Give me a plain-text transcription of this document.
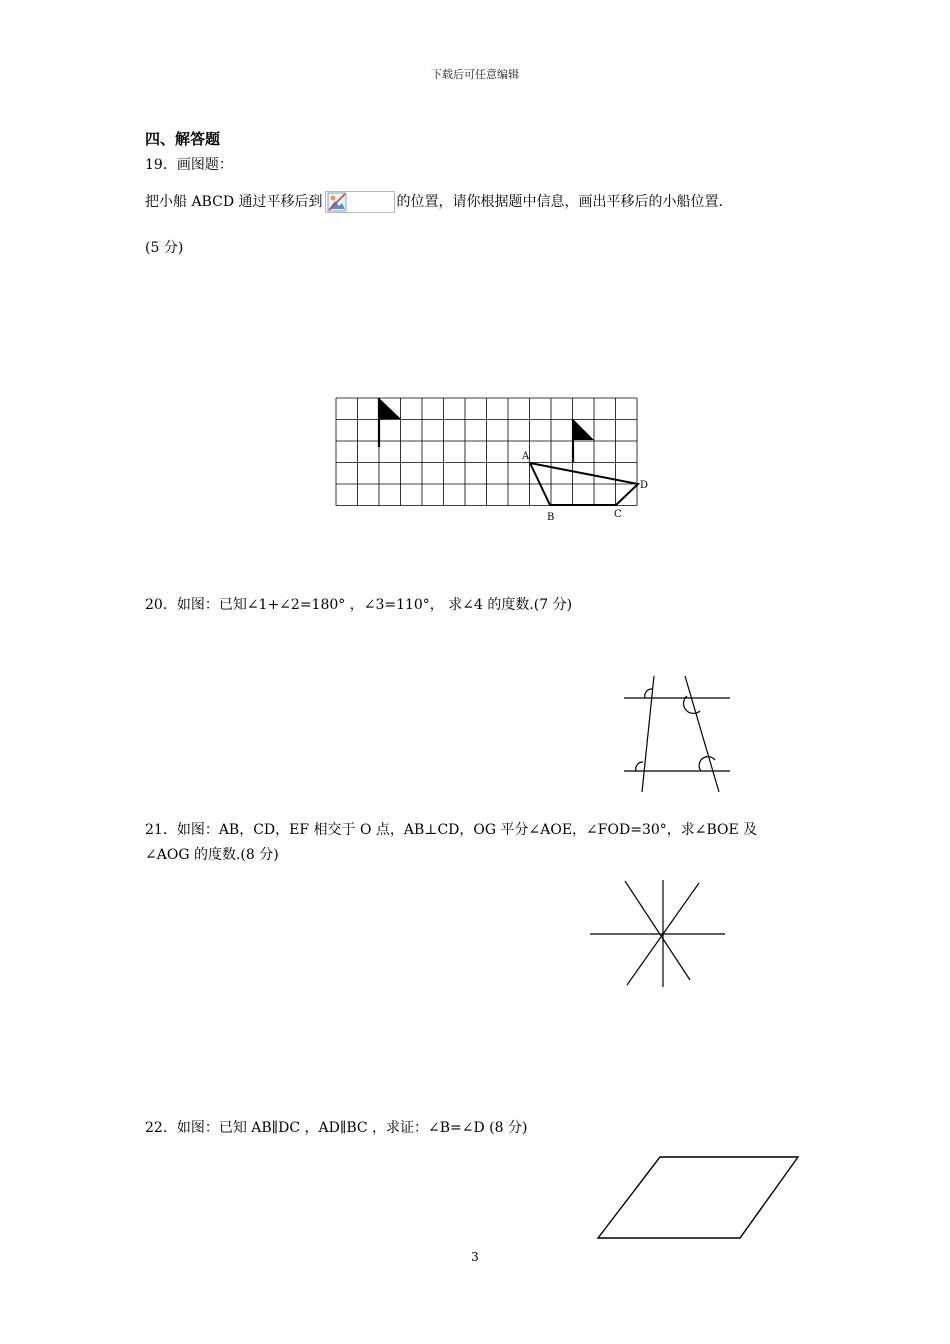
下载后可任意编辑
四、解答题
19．画图题：
把小船 ABCD 通过平移后到	的位置，请你根据题中信息，画出平移后的小船位置．
(5 分)
A
B	C
D
20．如图：已知∠1+∠2=180° ，∠3=110°， 求∠4 的度数.(7 分)
21．如图：AB，CD，EF 相交于 O 点，AB⊥CD，OG 平分∠AOE，∠FOD=30°，求∠BOE 及
∠AOG 的度数.(8 分)
22．如图：已知 AB∥DC ，AD∥BC ，求证：∠B=∠D (8 分)
3
